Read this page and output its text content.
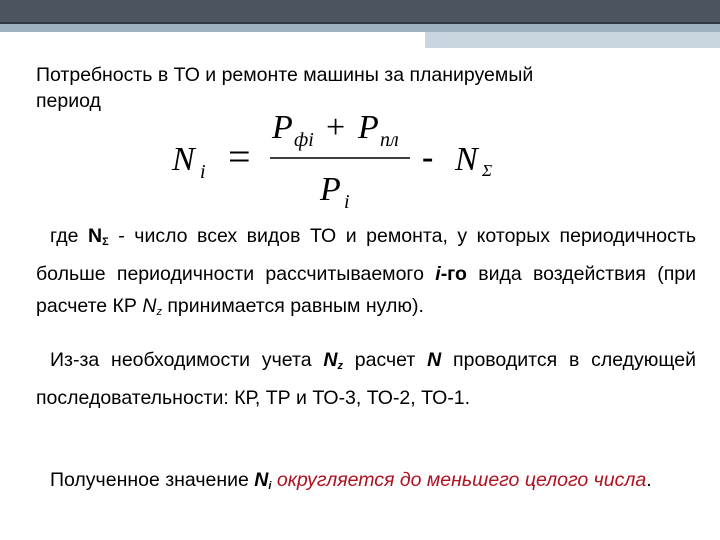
Потребность в ТО и ремонте машины за планируемый
период
N i =
P фi + P пл
P i
- N Σ
где $N_\Sigma$ - число всех видов ТО и ремонта, у которых периодичность больше периодичности рассчитываемого i-го вида воздействия (при расчете КР $N_z$ принимается равным нулю).
Из-за необходимости учета $N_z$ расчет N проводится в следующей последовательности: КР, ТР и ТО-3, ТО-2, ТО-1.
Полученное значение $N_i$ округляется до меньшего целого числа.
